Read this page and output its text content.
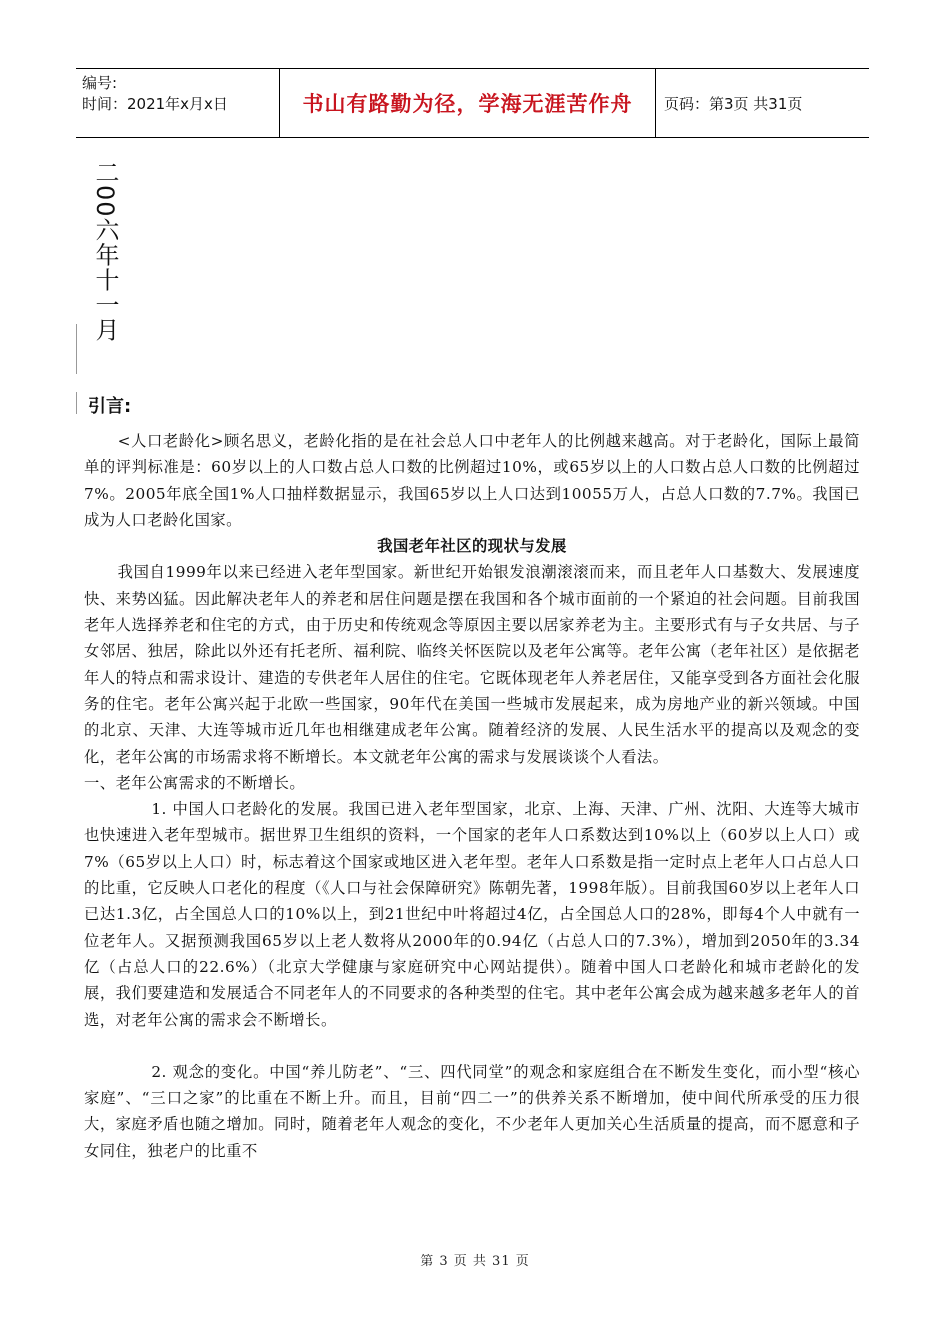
编号:
时间：2021年x月x日	书山有路勤为径，学海无涯苦作舟	页码：第3页 共31页
二00六年十一月
引言:

<人口老龄化>顾名思义，老龄化指的是在社会总人口中老年人的比例越来越高。对于老龄化，国际上最简单的评判标准是：60岁以上的人口数占总人口数的比例超过10%，或65岁以上的人口数占总人口数的比例超过7%。2005年底全国1%人口抽样数据显示，我国65岁以上人口达到10055万人，占总人口数的7.7%。我国已成为人口老龄化国家。

我国老年社区的现状与发展

我国自1999年以来已经进入老年型国家。新世纪开始银发浪潮滚滚而来，而且老年人口基数大、发展速度快、来势凶猛。因此解决老年人的养老和居住问题是摆在我国和各个城市面前的一个紧迫的社会问题。目前我国老年人选择养老和住宅的方式，由于历史和传统观念等原因主要以居家养老为主。主要形式有与子女共居、与子女邻居、独居，除此以外还有托老所、福利院、临终关怀医院以及老年公寓等。老年公寓（老年社区）是依据老年人的特点和需求设计、建造的专供老年人居住的住宅。它既体现老年人养老居住，又能享受到各方面社会化服务的住宅。老年公寓兴起于北欧一些国家，90年代在美国一些城市发展起来，成为房地产业的新兴领域。中国的北京、天津、大连等城市近几年也相继建成老年公寓。随着经济的发展、人民生活水平的提高以及观念的变化，老年公寓的市场需求将不断增长。本文就老年公寓的需求与发展谈谈个人看法。

一、老年公寓需求的不断增长。

1. 中国人口老龄化的发展。我国已进入老年型国家，北京、上海、天津、广州、沈阳、大连等大城市也快速进入老年型城市。据世界卫生组织的资料，一个国家的老年人口系数达到10%以上（60岁以上人口）或7%（65岁以上人口）时，标志着这个国家或地区进入老年型。老年人口系数是指一定时点上老年人口占总人口的比重，它反映人口老化的程度（《人口与社会保障研究》陈朝先著，1998年版）。目前我国60岁以上老年人口已达1.3亿，占全国总人口的10%以上，到21世纪中叶将超过4亿，占全国总人口的28%，即每4个人中就有一位老年人。又据预测我国65岁以上老人数将从2000年的0.94亿（占总人口的7.3%），增加到2050年的3.34亿（占总人口的22.6%）（北京大学健康与家庭研究中心网站提供）。随着中国人口老龄化和城市老龄化的发展，我们要建造和发展适合不同老年人的不同要求的各种类型的住宅。其中老年公寓会成为越来越多老年人的首选，对老年公寓的需求会不断增长。

2. 观念的变化。中国“养儿防老”、“三、四代同堂”的观念和家庭组合在不断发生变化，而小型“核心家庭”、“三口之家”的比重在不断上升。而且，目前“四二一”的供养关系不断增加，使中间代所承受的压力很大，家庭矛盾也随之增加。同时，随着老年人观念的变化，不少老年人更加关心生活质量的提高，而不愿意和子女同住，独老户的比重不

第 3 页 共 31 页
